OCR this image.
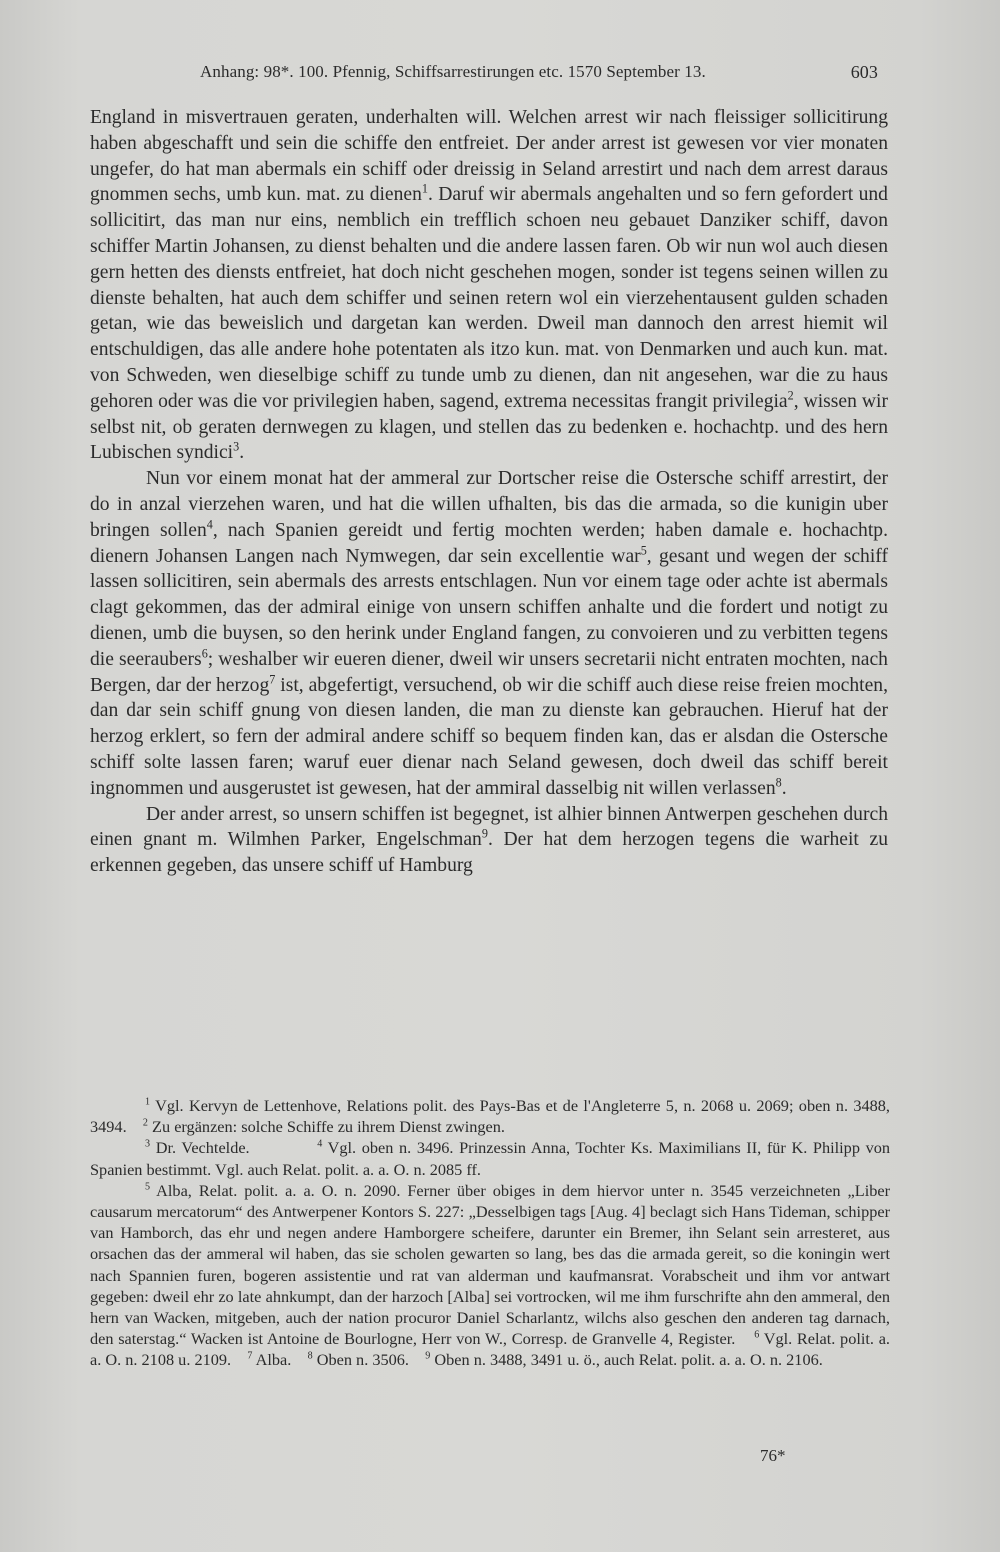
Anhang: 98*. 100. Pfennig, Schiffsarrestirungen etc. 1570 September 13.	603

England in misvertrauen geraten, underhalten will. Welchen arrest wir nach fleissiger sollicitirung haben abgeschafft und sein die schiffe den entfreiet. Der ander arrest ist gewesen vor vier monaten ungefer, do hat man abermals ein schiff oder dreissig in Seland arrestirt und nach dem arrest daraus gnommen sechs, umb kun. mat. zu dienen$^1$. Daruf wir abermals angehalten und so fern gefordert und sollicitirt, das man nur eins, nemblich ein trefflich schoen neu gebauet Danziker schiff, davon schiffer Martin Johansen, zu dienst behalten und die andere lassen faren. Ob wir nun wol auch diesen gern hetten des diensts entfreiet, hat doch nicht geschehen mogen, sonder ist tegens seinen willen zu dienste behalten, hat auch dem schiffer und seinen retern wol ein vierzehentausent gulden schaden getan, wie das beweislich und dargetan kan werden. Dweil man dannoch den arrest hiemit wil entschuldigen, das alle andere hohe potentaten als itzo kun. mat. von Denmarken und auch kun. mat. von Schweden, wen dieselbige schiff zu tunde umb zu dienen, dan nit angesehen, war die zu haus gehoren oder was die vor privilegien haben, sagend, extrema necessitas frangit privilegia$^2$, wissen wir selbst nit, ob geraten dernwegen zu klagen, und stellen das zu bedenken e. hochachtp. und des hern Lubischen syndici$^3$.

Nun vor einem monat hat der ammeral zur Dortscher reise die Ostersche schiff arrestirt, der do in anzal vierzehen waren, und hat die willen ufhalten, bis das die armada, so die kunigin uber bringen sollen$^4$, nach Spanien gereidt und fertig mochten werden; haben damale e. hochachtp. dienern Johansen Langen nach Nymwegen, dar sein excellentie war$^5$, gesant und wegen der schiff lassen sollicitiren, sein abermals des arrests entschlagen. Nun vor einem tage oder achte ist abermals clagt gekommen, das der admiral einige von unsern schiffen anhalte und die fordert und notigt zu dienen, umb die buysen, so den herink under England fangen, zu convoieren und zu verbitten tegens die seeraubers$^6$; weshalber wir eueren diener, dweil wir unsers secretarii nicht entraten mochten, nach Bergen, dar der herzog$^7$ ist, abgefertigt, versuchend, ob wir die schiff auch diese reise freien mochten, dan dar sein schiff gnung von diesen landen, die man zu dienste kan gebrauchen. Hieruf hat der herzog erklert, so fern der admiral andere schiff so bequem finden kan, das er alsdan die Ostersche schiff solte lassen faren; waruf euer dienar nach Seland gewesen, doch dweil das schiff bereit ingnommen und ausgerustet ist gewesen, hat der ammiral dasselbig nit willen verlassen$^8$.

Der ander arrest, so unsern schiffen ist begegnet, ist alhier binnen Antwerpen geschehen durch einen gnant m. Wilmhen Parker, Engelschman$^9$. Der hat dem herzogen tegens die warheit zu erkennen gegeben, das unsere schiff uf Hamburg

$^1$ Vgl. Kervyn de Lettenhove, Relations polit. des Pays-Bas et de l'Angleterre 5, n. 2068 u. 2069; oben n. 3488, 3494. $^2$ Zu ergänzen: solche Schiffe zu ihrem Dienst zwingen.

$^3$ Dr. Vechtelde.	$^4$ Vgl. oben n. 3496. Prinzessin Anna, Tochter Ks. Maximilians II, für K. Philipp von Spanien bestimmt. Vgl. auch Relat. polit. a. a. O. n. 2085 ff.

$^5$ Alba, Relat. polit. a. a. O. n. 2090. Ferner über obiges in dem hiervor unter n. 3545 verzeichneten „Liber causarum mercatorum“ des Antwerpener Kontors S. 227: „Desselbigen tags [Aug. 4] beclagt sich Hans Tideman, schipper van Hamborch, das ehr und negen andere Hamborgere scheifere, darunter ein Bremer, ihn Selant sein arresteret, aus orsachen das der ammeral wil haben, das sie scholen gewarten so lang, bes das die armada gereit, so die koningin wert nach Spannien furen, bogeren assistentie und rat van alderman und kaufmansrat. Vorabscheit und ihm vor antwart gegeben: dweil ehr zo late ahnkumpt, dan der harzoch [Alba] sei vortrocken, wil me ihm furschrifte ahn den ammeral, den hern van Wacken, mitgeben, auch der nation procuror Daniel Scharlantz, wilchs also geschen den anderen tag darnach, den saterstag.“ Wacken ist Antoine de Bourlogne, Herr von W., Corresp. de Granvelle 4, Register. $^6$ Vgl. Relat. polit. a. a. O. n. 2108 u. 2109. $^7$ Alba. $^8$ Oben n. 3506. $^9$ Oben n. 3488, 3491 u. ö., auch Relat. polit. a. a. O. n. 2106.

76*
